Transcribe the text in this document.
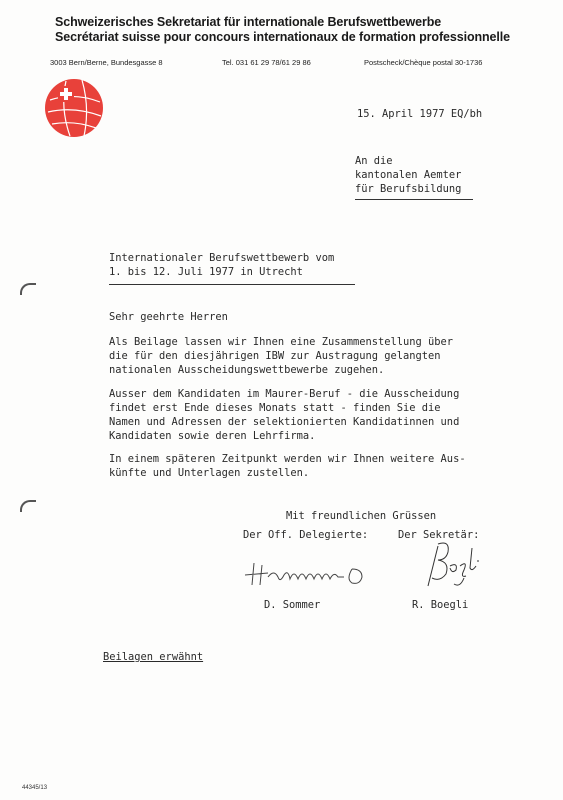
Schweizerisches Sekretariat für internationale Berufswettbewerbe
Secrétariat suisse pour concours internationaux de formation professionnelle
3003 Bern/Berne, Bundesgasse 8	Tel. 031 61 29 78/61 29 86	Postscheck/Chèque postal 30-1736
15. April 1977 EQ/bh
An die
kantonalen Aemter
für Berufsbildung
Internationaler Berufswettbewerb vom
1. bis 12. Juli 1977 in Utrecht
Sehr geehrte Herren
Als Beilage lassen wir Ihnen eine Zusammenstellung über
die für den diesjährigen IBW zur Austragung gelangten
nationalen Ausscheidungswettbewerbe zugehen.
Ausser dem Kandidaten im Maurer-Beruf - die Ausscheidung
findet erst Ende dieses Monats statt - finden Sie die
Namen und Adressen der selektionierten Kandidatinnen und
Kandidaten sowie deren Lehrfirma.
In einem späteren Zeitpunkt werden wir Ihnen weitere Aus-
künfte und Unterlagen zustellen.
Mit freundlichen Grüssen
Der Off. Delegierte:	Der Sekretär:
D. Sommer	R. Boegli
Beilagen erwähnt
44345/13
